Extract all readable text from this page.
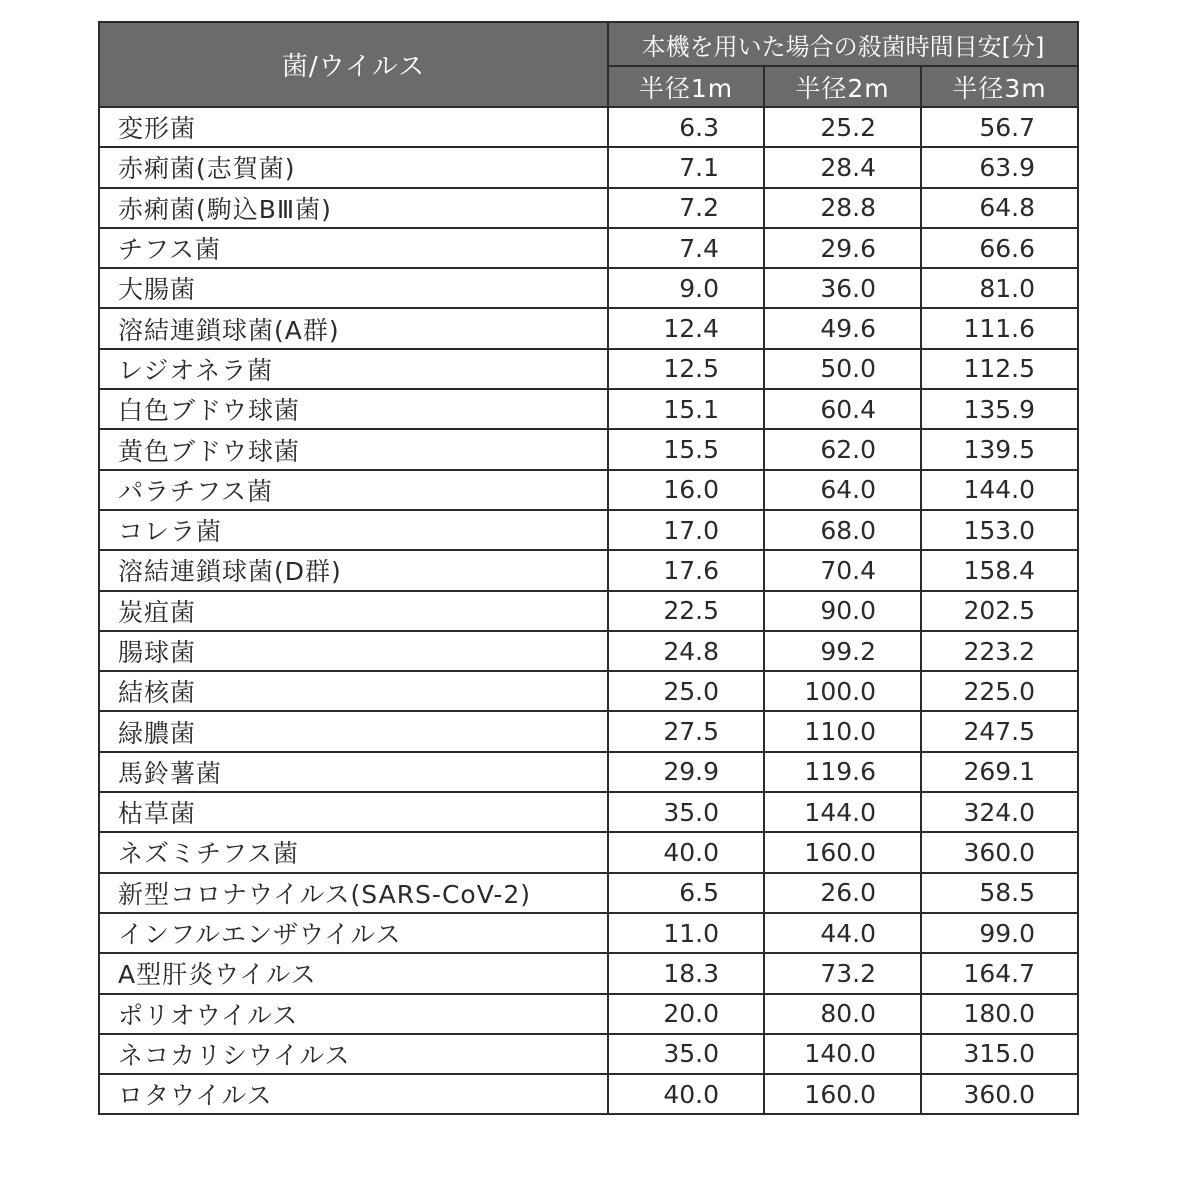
菌/ウイルス	本機を用いた場合の殺菌時間目安[分]		
	半径1m	半径2m	半径3m
変形菌	6.3	25.2	56.7
赤痢菌(志賀菌)	7.1	28.4	63.9
赤痢菌(駒込BⅢ菌)	7.2	28.8	64.8
チフス菌	7.4	29.6	66.6
大腸菌	9.0	36.0	81.0
溶結連鎖球菌(A群)	12.4	49.6	111.6
レジオネラ菌	12.5	50.0	112.5
白色ブドウ球菌	15.1	60.4	135.9
黄色ブドウ球菌	15.5	62.0	139.5
パラチフス菌	16.0	64.0	144.0
コレラ菌	17.0	68.0	153.0
溶結連鎖球菌(D群)	17.6	70.4	158.4
炭疽菌	22.5	90.0	202.5
腸球菌	24.8	99.2	223.2
結核菌	25.0	100.0	225.0
緑膿菌	27.5	110.0	247.5
馬鈴薯菌	29.9	119.6	269.1
枯草菌	35.0	144.0	324.0
ネズミチフス菌	40.0	160.0	360.0
新型コロナウイルス(SARS-CoV-2)	6.5	26.0	58.5
インフルエンザウイルス	11.0	44.0	99.0
A型肝炎ウイルス	18.3	73.2	164.7
ポリオウイルス	20.0	80.0	180.0
ネコカリシウイルス	35.0	140.0	315.0
ロタウイルス	40.0	160.0	360.0
